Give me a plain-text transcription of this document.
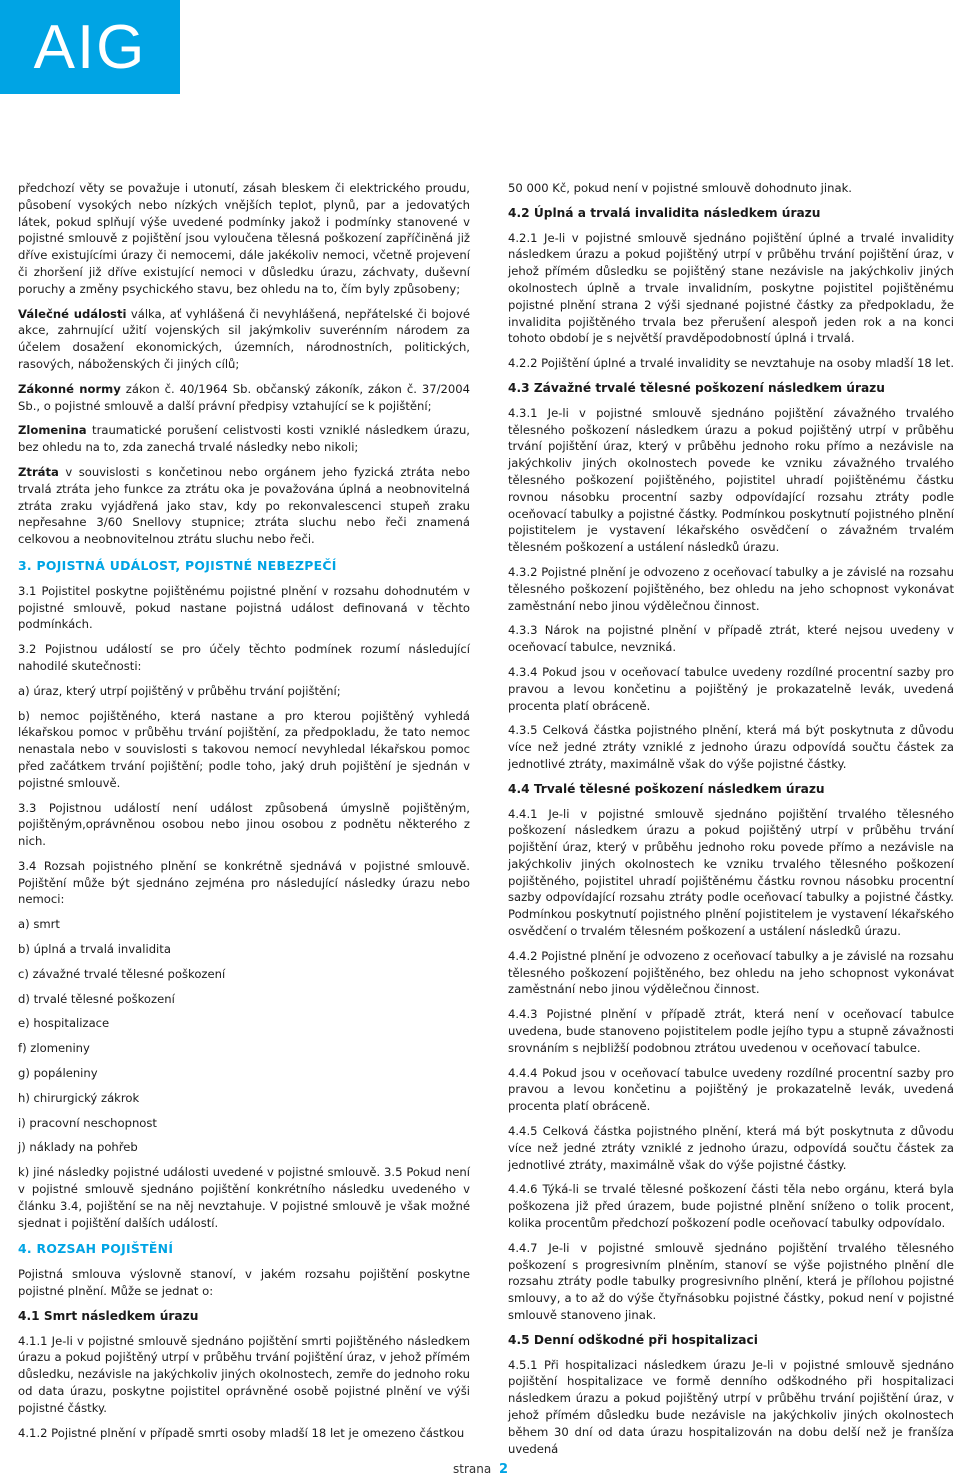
AIG

předchozí věty se považuje i utonutí, zásah bleskem či elektrického proudu, působení vysokých nebo nízkých vnějších teplot, plynů, par a jedovatých látek, pokud splňují výše uvedené podmínky jakož i podmínky stanovené v pojistné smlouvě z pojištění jsou vyloučena tělesná poškození zapříčiněná již dříve existujícími úrazy či nemocemi, dále jakékoliv nemoci, včetně projevení či zhoršení již dříve existující nemoci v důsledku úrazu, záchvaty, duševní poruchy a změny psychického stavu, bez ohledu na to, čím byly způsobeny;

Válečné události válka, ať vyhlášená či nevyhlášená, nepřátelské či bojové akce, zahrnující užití vojenských sil jakýmkoliv suverénním národem za účelem dosažení ekonomických, územních, národnostních, politických, rasových, náboženských či jiných cílů;

Zákonné normy zákon č. 40/1964 Sb. občanský zákoník, zákon č. 37/2004 Sb., o pojistné smlouvě a další právní předpisy vztahující se k pojištění;

Zlomenina traumatické porušení celistvosti kosti vzniklé následkem úrazu, bez ohledu na to, zda zanechá trvalé následky nebo nikoli;

Ztráta v souvislosti s končetinou nebo orgánem jeho fyzická ztráta nebo trvalá ztráta jeho funkce za ztrátu oka je považována úplná a neobnovitelná ztráta zraku vyjádřená jako stav, kdy po rekonvalescenci stupeň zraku nepřesahne 3/60 Snellovy stupnice; ztráta sluchu nebo řeči znamená celkovou a neobnovitelnou ztrátu sluchu nebo řeči.

3. POJISTNÁ UDÁLOST, POJISTNÉ NEBEZPEČÍ

3.1 Pojistitel poskytne pojištěnému pojistné plnění v rozsahu dohodnutém v pojistné smlouvě, pokud nastane pojistná událost definovaná v těchto podmínkách.

3.2 Pojistnou událostí se pro účely těchto podmínek rozumí následující nahodilé skutečnosti:

a) úraz, který utrpí pojištěný v průběhu trvání pojištění;

b) nemoc pojištěného, která nastane a pro kterou pojištěný vyhledá lékařskou pomoc v průběhu trvání pojištění, za předpokladu, že tato nemoc nenastala nebo v souvislosti s takovou nemocí nevyhledal lékařskou pomoc před začátkem trvání pojištění; podle toho, jaký druh pojištění je sjednán v pojistné smlouvě.

3.3 Pojistnou událostí není událost způsobená úmyslně pojištěným, pojištěným,oprávněnou osobou nebo jinou osobou z podnětu některého z nich.

3.4 Rozsah pojistného plnění se konkrétně sjednává v pojistné smlouvě. Pojištění může být sjednáno zejména pro následující následky úrazu nebo nemoci:

a) smrt

b) úplná a trvalá invalidita

c) závažné trvalé tělesné poškození

d) trvalé tělesné poškození

e) hospitalizace

f) zlomeniny

g) popáleniny

h) chirurgický zákrok

i) pracovní neschopnost

j) náklady na pohřeb

k) jiné následky pojistné události uvedené v pojistné smlouvě. 3.5 Pokud není v pojistné smlouvě sjednáno pojištění konkrétního následku uvedeného v článku 3.4, pojištění se na něj nevztahuje. V pojistné smlouvě je však možné sjednat i pojištění dalších událostí.

4. ROZSAH POJIŠTĚNÍ

Pojistná smlouva výslovně stanoví, v jakém rozsahu pojištění poskytne pojistné plnění. Může se jednat o:

4.1 Smrt následkem úrazu

4.1.1 Je-li v pojistné smlouvě sjednáno pojištění smrti pojištěného následkem úrazu a pokud pojištěný utrpí v průběhu trvání pojištění úraz, v jehož přímém důsledku, nezávisle na jakýchkoliv jiných okolnostech, zemře do jednoho roku od data úrazu, poskytne pojistitel oprávněné osobě pojistné plnění ve výši pojistné částky.

4.1.2 Pojistné plnění v případě smrti osoby mladší 18 let je omezeno částkou

50 000 Kč, pokud není v pojistné smlouvě dohodnuto jinak.

4.2 Úplná a trvalá invalidita následkem úrazu

4.2.1 Je-li v pojistné smlouvě sjednáno pojištění úplné a trvalé invalidity následkem úrazu a pokud pojištěný utrpí v průběhu trvání pojištění úraz, v jehož přímém důsledku se pojištěný stane nezávisle na jakýchkoliv jiných okolnostech úplně a trvale invalidním, poskytne pojistitel pojištěnému pojistné plnění strana 2 výši sjednané pojistné částky za předpokladu, že invalidita pojištěného trvala bez přerušení alespoň jeden rok a na konci tohoto období je s největší pravděpodobností úplná i trvalá.

4.2.2 Pojištění úplné a trvalé invalidity se nevztahuje na osoby mladší 18 let.

4.3 Závažné trvalé tělesné poškození následkem úrazu

4.3.1 Je-li v pojistné smlouvě sjednáno pojištění závažného trvalého tělesného poškození následkem úrazu a pokud pojištěný utrpí v průběhu trvání pojištění úraz, který v průběhu jednoho roku přímo a nezávisle na jakýchkoliv jiných okolnostech povede ke vzniku závažného trvalého tělesného poškození pojištěného, pojistitel uhradí pojištěnému částku rovnou násobku procentní sazby odpovídající rozsahu ztráty podle oceňovací tabulky a pojistné částky. Podmínkou poskytnutí pojistného plnění pojistitelem je vystavení lékařského osvědčení o závažném trvalém tělesném poškození a ustálení následků úrazu.

4.3.2 Pojistné plnění je odvozeno z oceňovací tabulky a je závislé na rozsahu tělesného poškození pojištěného, bez ohledu na jeho schopnost vykonávat zaměstnání nebo jinou výdělečnou činnost.

4.3.3 Nárok na pojistné plnění v případě ztrát, které nejsou uvedeny v oceňovací tabulce, nevzniká.

4.3.4 Pokud jsou v oceňovací tabulce uvedeny rozdílné procentní sazby pro pravou a levou končetinu a pojištěný je prokazatelně levák, uvedená procenta platí obráceně.

4.3.5 Celková částka pojistného plnění, která má být poskytnuta z důvodu více než jedné ztráty vzniklé z jednoho úrazu odpovídá součtu částek za jednotlivé ztráty, maximálně však do výše pojistné částky.

4.4 Trvalé tělesné poškození následkem úrazu

4.4.1 Je-li v pojistné smlouvě sjednáno pojištění trvalého tělesného poškození následkem úrazu a pokud pojištěný utrpí v průběhu trvání pojištění úraz, který v průběhu jednoho roku povede přímo a nezávisle na jakýchkoliv jiných okolnostech ke vzniku trvalého tělesného poškození pojištěného, pojistitel uhradí pojištěnému částku rovnou násobku procentní sazby odpovídající rozsahu ztráty podle oceňovací tabulky a pojistné částky. Podmínkou poskytnutí pojistného plnění pojistitelem je vystavení lékařského osvědčení o trvalém tělesném poškození a ustálení následků úrazu.

4.4.2 Pojistné plnění je odvozeno z oceňovací tabulky a je závislé na rozsahu tělesného poškození pojištěného, bez ohledu na jeho schopnost vykonávat zaměstnání nebo jinou výdělečnou činnost.

4.4.3 Pojistné plnění v případě ztrát, která není v oceňovací tabulce uvedena, bude stanoveno pojistitelem podle jejího typu a stupně závažnosti srovnáním s nejbližší podobnou ztrátou uvedenou v oceňovací tabulce.

4.4.4 Pokud jsou v oceňovací tabulce uvedeny rozdílné procentní sazby pro pravou a levou končetinu a pojištěný je prokazatelně levák, uvedená procenta platí obráceně.

4.4.5 Celková částka pojistného plnění, která má být poskytnuta z důvodu více než jedné ztráty vzniklé z jednoho úrazu, odpovídá součtu částek za jednotlivé ztráty, maximálně však do výše pojistné částky.

4.4.6 Týká-li se trvalé tělesné poškození části těla nebo orgánu, která byla poškozena již před úrazem, bude pojistné plnění sníženo o tolik procent, kolika procentům předchozí poškození podle oceňovací tabulky odpovídalo.

4.4.7 Je-li v pojistné smlouvě sjednáno pojištění trvalého tělesného poškození s progresivním plněním, stanoví se výše pojistného plnění dle rozsahu ztráty podle tabulky progresivního plnění, která je přílohou pojistné smlouvy, a to až do výše čtyřnásobku pojistné částky, pokud není v pojistné smlouvě stanoveno jinak.

4.5 Denní odškodné při hospitalizaci

4.5.1 Při hospitalizaci následkem úrazu Je-li v pojistné smlouvě sjednáno pojištění hospitalizace ve formě denního odškodného při hospitalizaci následkem úrazu a pokud pojištěný utrpí v průběhu trvání pojištění úraz, v jehož přímém důsledku bude nezávisle na jakýchkoliv jiných okolnostech během 30 dní od data úrazu hospitalizován na dobu delší než je franšíza uvedená

strana 2
